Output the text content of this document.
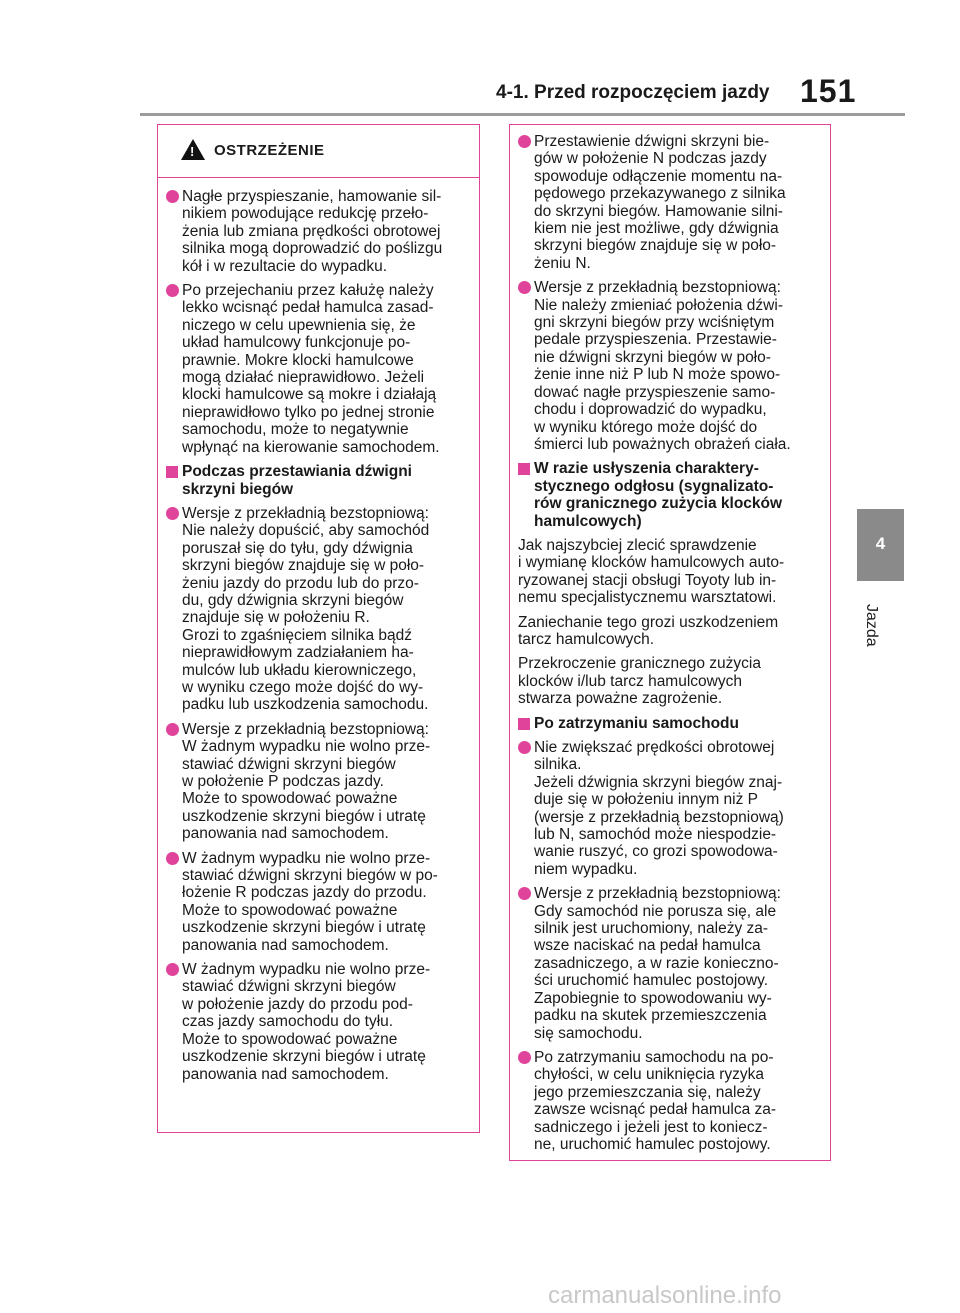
4-1. Przed rozpoczęciem jazdy 151
4
Jazda
!
OSTRZEŻENIE
Nagłe przyspieszanie, hamowanie sil-
nikiem powodujące redukcję przeło-
żenia lub zmiana prędkości obrotowej
silnika mogą doprowadzić do poślizgu
kół i w rezultacie do wypadku.
Po przejechaniu przez kałużę należy
lekko wcisnąć pedał hamulca zasad-
niczego w celu upewnienia się, że
układ hamulcowy funkcjonuje po-
prawnie. Mokre klocki hamulcowe
mogą działać nieprawidłowo. Jeżeli
klocki hamulcowe są mokre i działają
nieprawidłowo tylko po jednej stronie
samochodu, może to negatywnie
wpłynąć na kierowanie samochodem.
Podczas przestawiania dźwigni
skrzyni biegów
Wersje z przekładnią bezstopniową:
Nie należy dopuścić, aby samochód
poruszał się do tyłu, gdy dźwignia
skrzyni biegów znajduje się w poło-
żeniu jazdy do przodu lub do przo-
du, gdy dźwignia skrzyni biegów
znajduje się w położeniu R.
Grozi to zgaśnięciem silnika bądź
nieprawidłowym zadziałaniem ha-
mulców lub układu kierowniczego,
w wyniku czego może dojść do wy-
padku lub uszkodzenia samochodu.
Wersje z przekładnią bezstopniową:
W żadnym wypadku nie wolno prze-
stawiać dźwigni skrzyni biegów
w położenie P podczas jazdy.
Może to spowodować poważne
uszkodzenie skrzyni biegów i utratę
panowania nad samochodem.
W żadnym wypadku nie wolno prze-
stawiać dźwigni skrzyni biegów w po-
łożenie R podczas jazdy do przodu.
Może to spowodować poważne
uszkodzenie skrzyni biegów i utratę
panowania nad samochodem.
W żadnym wypadku nie wolno prze-
stawiać dźwigni skrzyni biegów
w położenie jazdy do przodu pod-
czas jazdy samochodu do tyłu.
Może to spowodować poważne
uszkodzenie skrzyni biegów i utratę
panowania nad samochodem.
Przestawienie dźwigni skrzyni bie-
gów w położenie N podczas jazdy
spowoduje odłączenie momentu na-
pędowego przekazywanego z silnika
do skrzyni biegów. Hamowanie silni-
kiem nie jest możliwe, gdy dźwignia
skrzyni biegów znajduje się w poło-
żeniu N.
Wersje z przekładnią bezstopniową:
Nie należy zmieniać położenia dźwi-
gni skrzyni biegów przy wciśniętym
pedale przyspieszenia. Przestawie-
nie dźwigni skrzyni biegów w poło-
żenie inne niż P lub N może spowo-
dować nagłe przyspieszenie samo-
chodu i doprowadzić do wypadku,
w wyniku którego może dojść do
śmierci lub poważnych obrażeń ciała.
W razie usłyszenia charaktery-
stycznego odgłosu (sygnalizato-
rów granicznego zużycia klocków
hamulcowych)
Jak najszybciej zlecić sprawdzenie
i wymianę klocków hamulcowych auto-
ryzowanej stacji obsługi Toyoty lub in-
nemu specjalistycznemu warsztatowi.
Zaniechanie tego grozi uszkodzeniem
tarcz hamulcowych.
Przekroczenie granicznego zużycia
klocków i/lub tarcz hamulcowych
stwarza poważne zagrożenie.
Po zatrzymaniu samochodu
Nie zwiększać prędkości obrotowej
silnika.
Jeżeli dźwignia skrzyni biegów znaj-
duje się w położeniu innym niż P
(wersje z przekładnią bezstopniową)
lub N, samochód może niespodzie-
wanie ruszyć, co grozi spowodowa-
niem wypadku.
Wersje z przekładnią bezstopniową:
Gdy samochód nie porusza się, ale
silnik jest uruchomiony, należy za-
wsze naciskać na pedał hamulca
zasadniczego, a w razie konieczno-
ści uruchomić hamulec postojowy.
Zapobiegnie to spowodowaniu wy-
padku na skutek przemieszczenia
się samochodu.
Po zatrzymaniu samochodu na po-
chyłości, w celu uniknięcia ryzyka
jego przemieszczania się, należy
zawsze wcisnąć pedał hamulca za-
sadniczego i jeżeli jest to koniecz-
ne, uruchomić hamulec postojowy.
carmanualsonline.info
